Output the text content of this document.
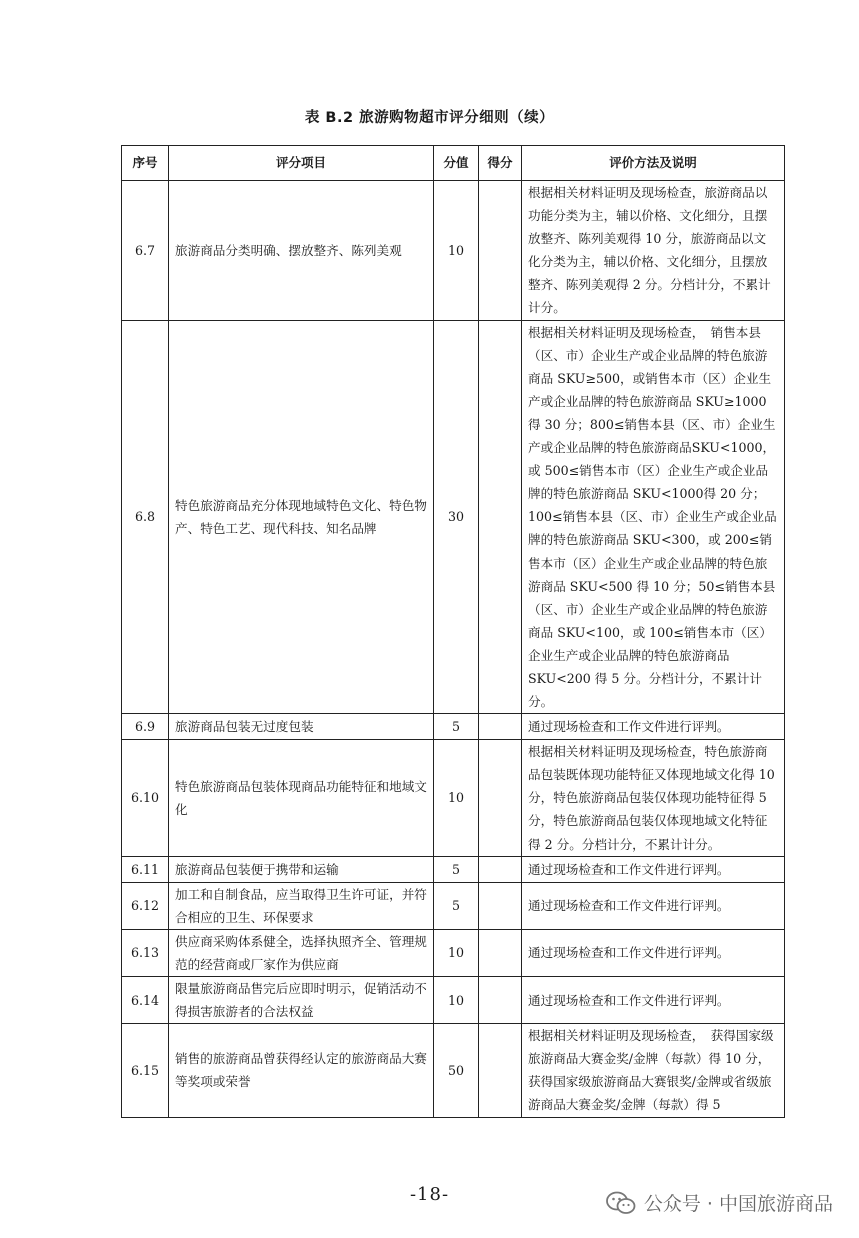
表 B.2 旅游购物超市评分细则（续）
序号	评分项目	分值	得分	评价方法及说明
6.7	旅游商品分类明确、摆放整齐、陈列美观	10		根据相关材料证明及现场检查，旅游商品以功能分类为主，辅以价格、文化细分，且摆放整齐、陈列美观得 10 分，旅游商品以文化分类为主，辅以价格、文化细分，且摆放整齐、陈列美观得 2 分。分档计分，不累计计分。
6.8	特色旅游商品充分体现地域特色文化、特色物产、特色工艺、现代科技、知名品牌	30		根据相关材料证明及现场检查，　销售本县（区、市）企业生产或企业品牌的特色旅游商品 SKU≥500，或销售本市（区）企业生产或企业品牌的特色旅游商品 SKU≥1000 得 30 分；800≤销售本县（区、市）企业生产或企业品牌的特色旅游商品SKU<1000，或 500≤销售本市（区）企业生产或企业品牌的特色旅游商品 SKU<1000得 20 分；100≤销售本县（区、市）企业生产或企业品牌的特色旅游商品 SKU<300，或 200≤销售本市（区）企业生产或企业品牌的特色旅游商品 SKU<500 得 10 分；50≤销售本县（区、市）企业生产或企业品牌的特色旅游商品 SKU<100，或 100≤销售本市（区）企业生产或企业品牌的特色旅游商品 SKU<200 得 5 分。分档计分，不累计计分。
6.9	旅游商品包装无过度包装	5		通过现场检查和工作文件进行评判。
6.10	特色旅游商品包装体现商品功能特征和地域文化	10		根据相关材料证明及现场检查，特色旅游商品包装既体现功能特征又体现地域文化得 10 分，特色旅游商品包装仅体现功能特征得 5 分，特色旅游商品包装仅体现地域文化特征得 2 分。分档计分，不累计计分。
6.11	旅游商品包装便于携带和运输	5		通过现场检查和工作文件进行评判。
6.12	加工和自制食品，应当取得卫生许可证，并符合相应的卫生、环保要求	5		通过现场检查和工作文件进行评判。
6.13	供应商采购体系健全，选择执照齐全、管理规范的经营商或厂家作为供应商	10		通过现场检查和工作文件进行评判。
6.14	限量旅游商品售完后应即时明示，促销活动不得损害旅游者的合法权益	10		通过现场检查和工作文件进行评判。
6.15	销售的旅游商品曾获得经认定的旅游商品大赛等奖项或荣誉	50		根据相关材料证明及现场检查，　获得国家级旅游商品大赛金奖/金牌（每款）得 10 分，获得国家级旅游商品大赛银奖/金牌或省级旅游商品大赛金奖/金牌（每款）得 5
-18-	公众号 · 中国旅游商品
